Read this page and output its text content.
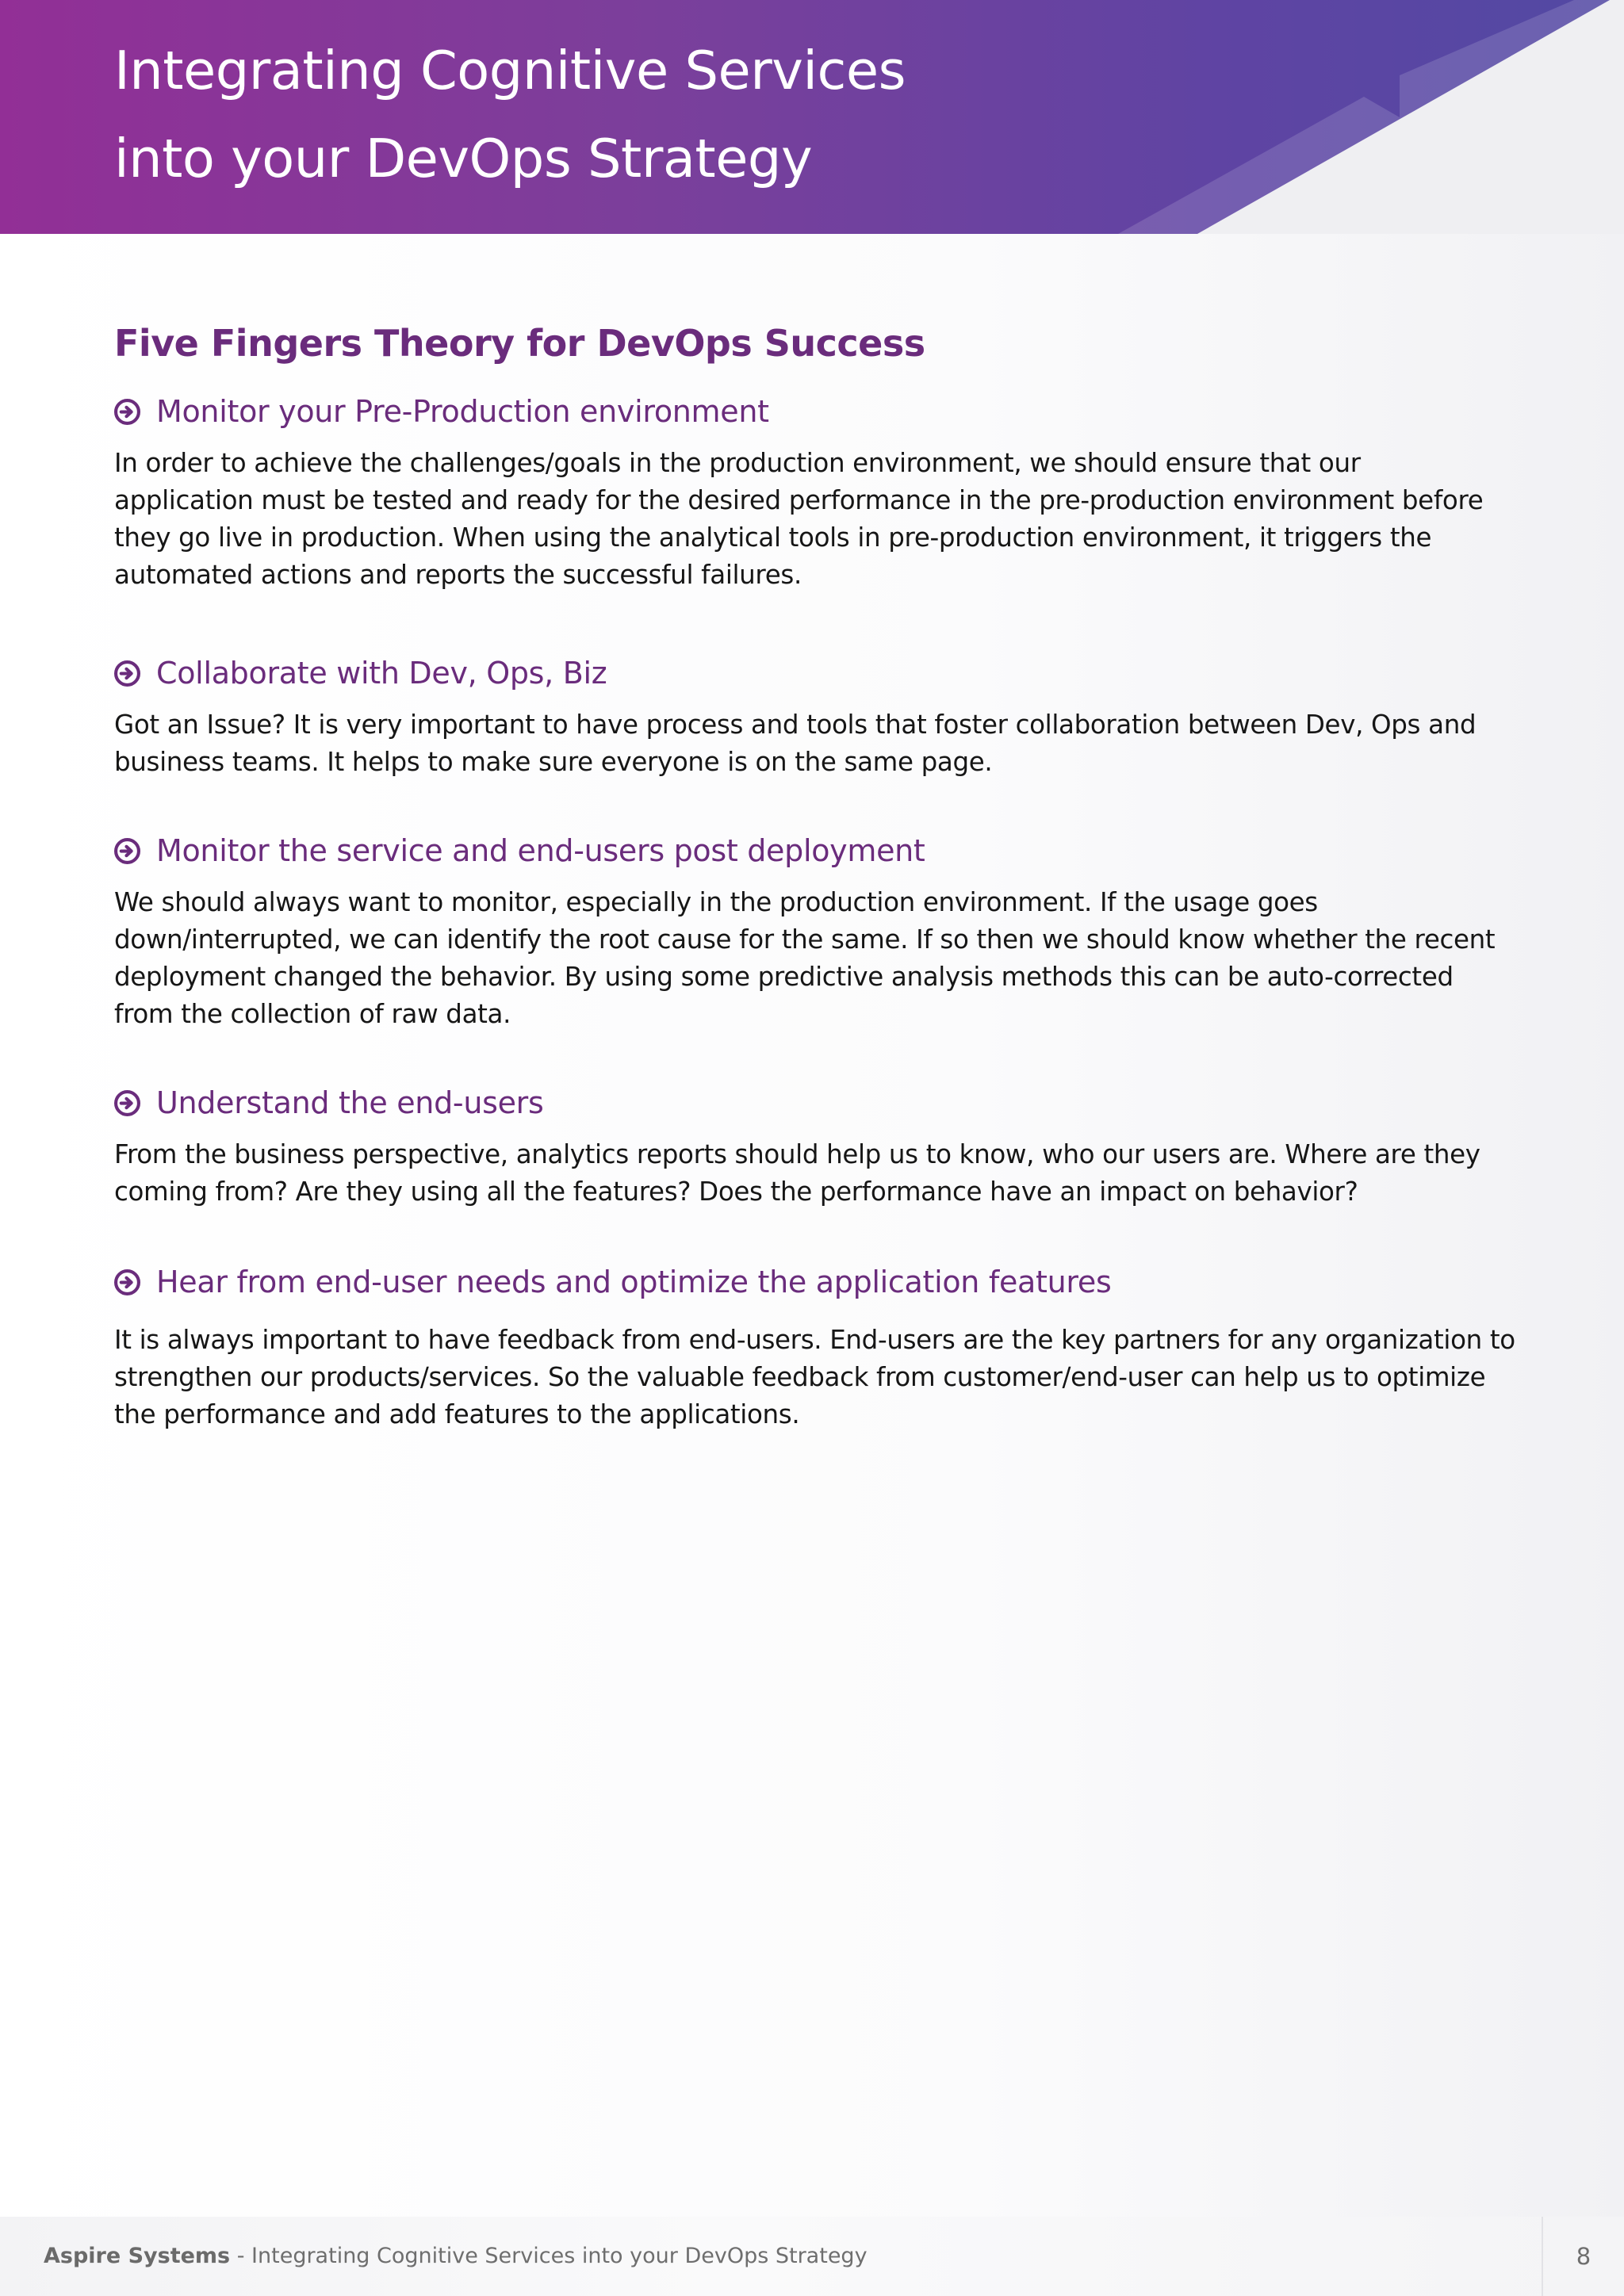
Integrating Cognitive Services
into your DevOps Strategy
Five Fingers Theory for DevOps Success
Monitor your Pre-Production environment

In order to achieve the challenges/goals in the production environment, we should ensure that our
application must be tested and ready for the desired performance in the pre-production environment before
they go live in production. When using the analytical tools in pre-production environment, it triggers the
automated actions and reports the successful failures.

Collaborate with Dev, Ops, Biz

Got an Issue? It is very important to have process and tools that foster collaboration between Dev, Ops and
business teams. It helps to make sure everyone is on the same page.

Monitor the service and end-users post deployment

We should always want to monitor, especially in the production environment. If the usage goes
down/interrupted, we can identify the root cause for the same. If so then we should know whether the recent
deployment changed the behavior. By using some predictive analysis methods this can be auto-corrected
from the collection of raw data.

Understand the end-users

From the business perspective, analytics reports should help us to know, who our users are. Where are they
coming from? Are they using all the features? Does the performance have an impact on behavior?

Hear from end-user needs and optimize the application features

It is always important to have feedback from end-users. End-users are the key partners for any organization to
strengthen our products/services. So the valuable feedback from customer/end-user can help us to optimize
the performance and add features to the applications.

Aspire Systems - Integrating Cognitive Services into your DevOps Strategy	8
